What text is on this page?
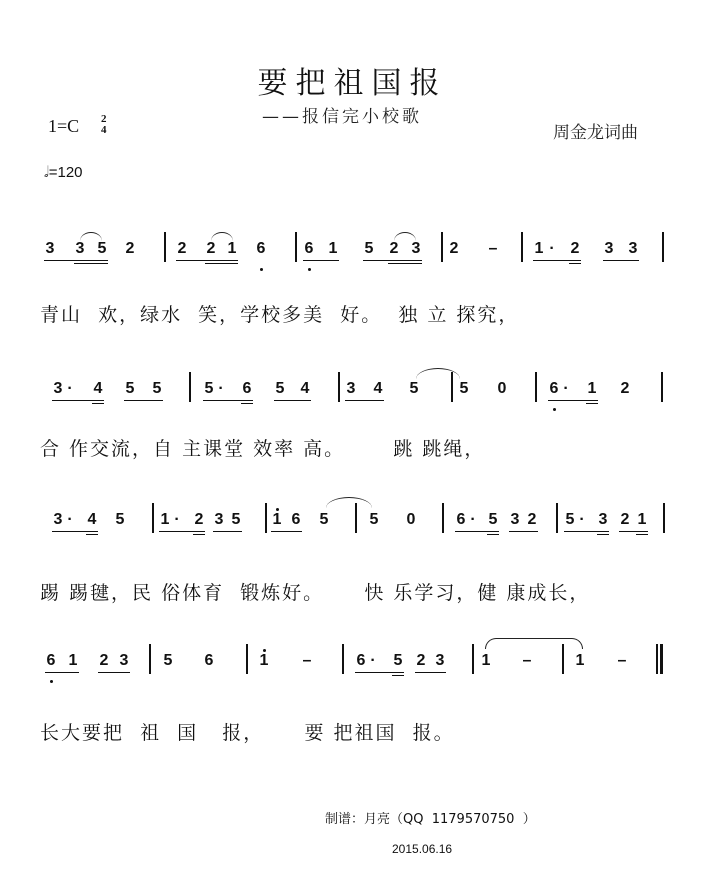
要把祖国报
——报信完小校歌
周金龙词曲
1=C 2
4
𝅗𝅥=120
3 3 5 2	2 2 1 6 6 1 5 2 3 2 – 1 · 2 3 3
青山  欢，绿水  笑，学校多美  好。  独 立 探究，
3 · 4 5 5	5 · 6 5 4 3 4 5	5 0	6 · 1 2
合 作交流，自 主课堂 效率 高。      跳 跳绳，
3 · 4 5 1 · 2 3 5 1 6 5	5 0	6 · 5 3 2 5 · 3 2 1
踢 踢毽，民 俗体育  锻炼好。     快 乐学习，健 康成长，
6 1 2 3 5 6	1 –	6 · 5 2 3 1 –	1 –
长大要把  祖  国   报，     要 把祖国  报。
制谱：月亮（QQ  1179570750  ）
2015.06.16
